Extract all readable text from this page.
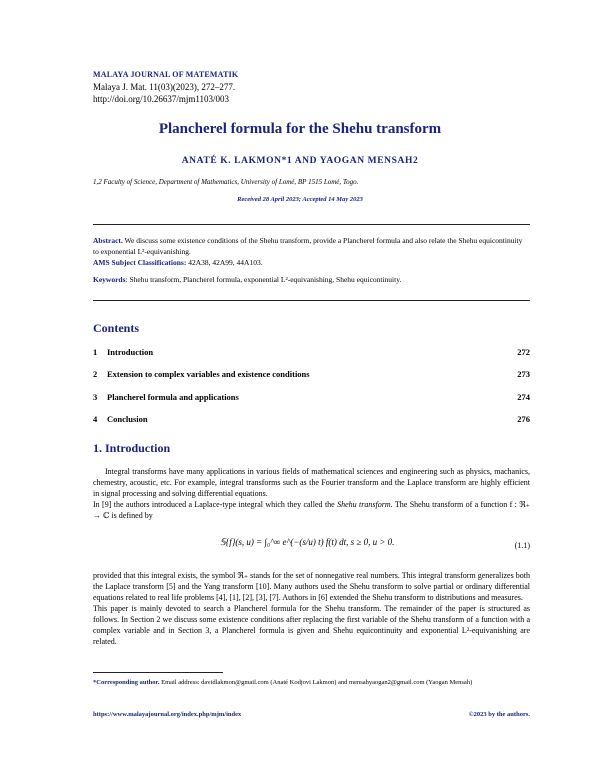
MALAYA JOURNAL OF MATEMATIK
Malaya J. Mat. 11(03)(2023), 272–277.
http://doi.org/10.26637/mjm1103/003
Plancherel formula for the Shehu transform
ANATÉ K. LAKMON*1 AND YAOGAN MENSAH2
1,2 Faculty of Science, Department of Mathematics, University of Lomé, BP 1515 Lomé, Togo.
Received 28 April 2023; Accepted 14 May 2023
Abstract. We discuss some existence conditions of the Shehu transform, provide a Plancherel formula and also relate the Shehu equicontinuity to exponential L²-equivanishing.
AMS Subject Classifications: 42A38, 42A99, 44A103.
Keywords: Shehu transform, Plancherel formula, exponential L²-equivanishing, Shehu equicontinuity.
Contents
1 Introduction	272
2 Extension to complex variables and existence conditions	273
3 Plancherel formula and applications	274
4 Conclusion	276
1. Introduction
Integral transforms have many applications in various fields of mathematical sciences and engineering such as physics, machanics, chemestry, acoustic, etc. For example, integral transforms such as the Fourier transform and the Laplace transform are highly efficient in signal processing and solving differential equations.
In [9] the authors introduced a Laplace-type integral which they called the Shehu transform. The Shehu transform of a function f : ℜ₊ → ℂ is defined by
𝕊{f}(s, u) = ∫₀^∞ e^(−(s/u) t) f(t) dt, s ≥ 0, u > 0.	(1.1)
provided that this integral exists, the symbol ℜ₊ stands for the set of nonnegative real numbers. This integral transform generalizes both the Laplace transform [5] and the Yang transform [10]. Many authors used the Shehu transform to solve partial or ordinary differential equations related to real life problems [4], [1], [2], [3], [7]. Authors in [6] extended the Shehu transform to distributions and measures.
This paper is mainly devoted to search a Plancherel formula for the Shehu transform. The remainder of the paper is structured as follows. In Section 2 we discuss some existence conditions after replacing the first variable of the Shehu transform of a function with a complex variable and in Section 3, a Plancherel formula is given and Shehu equicontinuity and exponential L²-equivanishing are related.
*Corresponding author. Email address: davidlakmon@gmail.com (Anaté Kodjovi Lakmon) and mensahyaogan2@gmail.com (Yaogan Mensah)
https://www.malayajournal.org/index.php/mjm/index	©2023 by the authors.
